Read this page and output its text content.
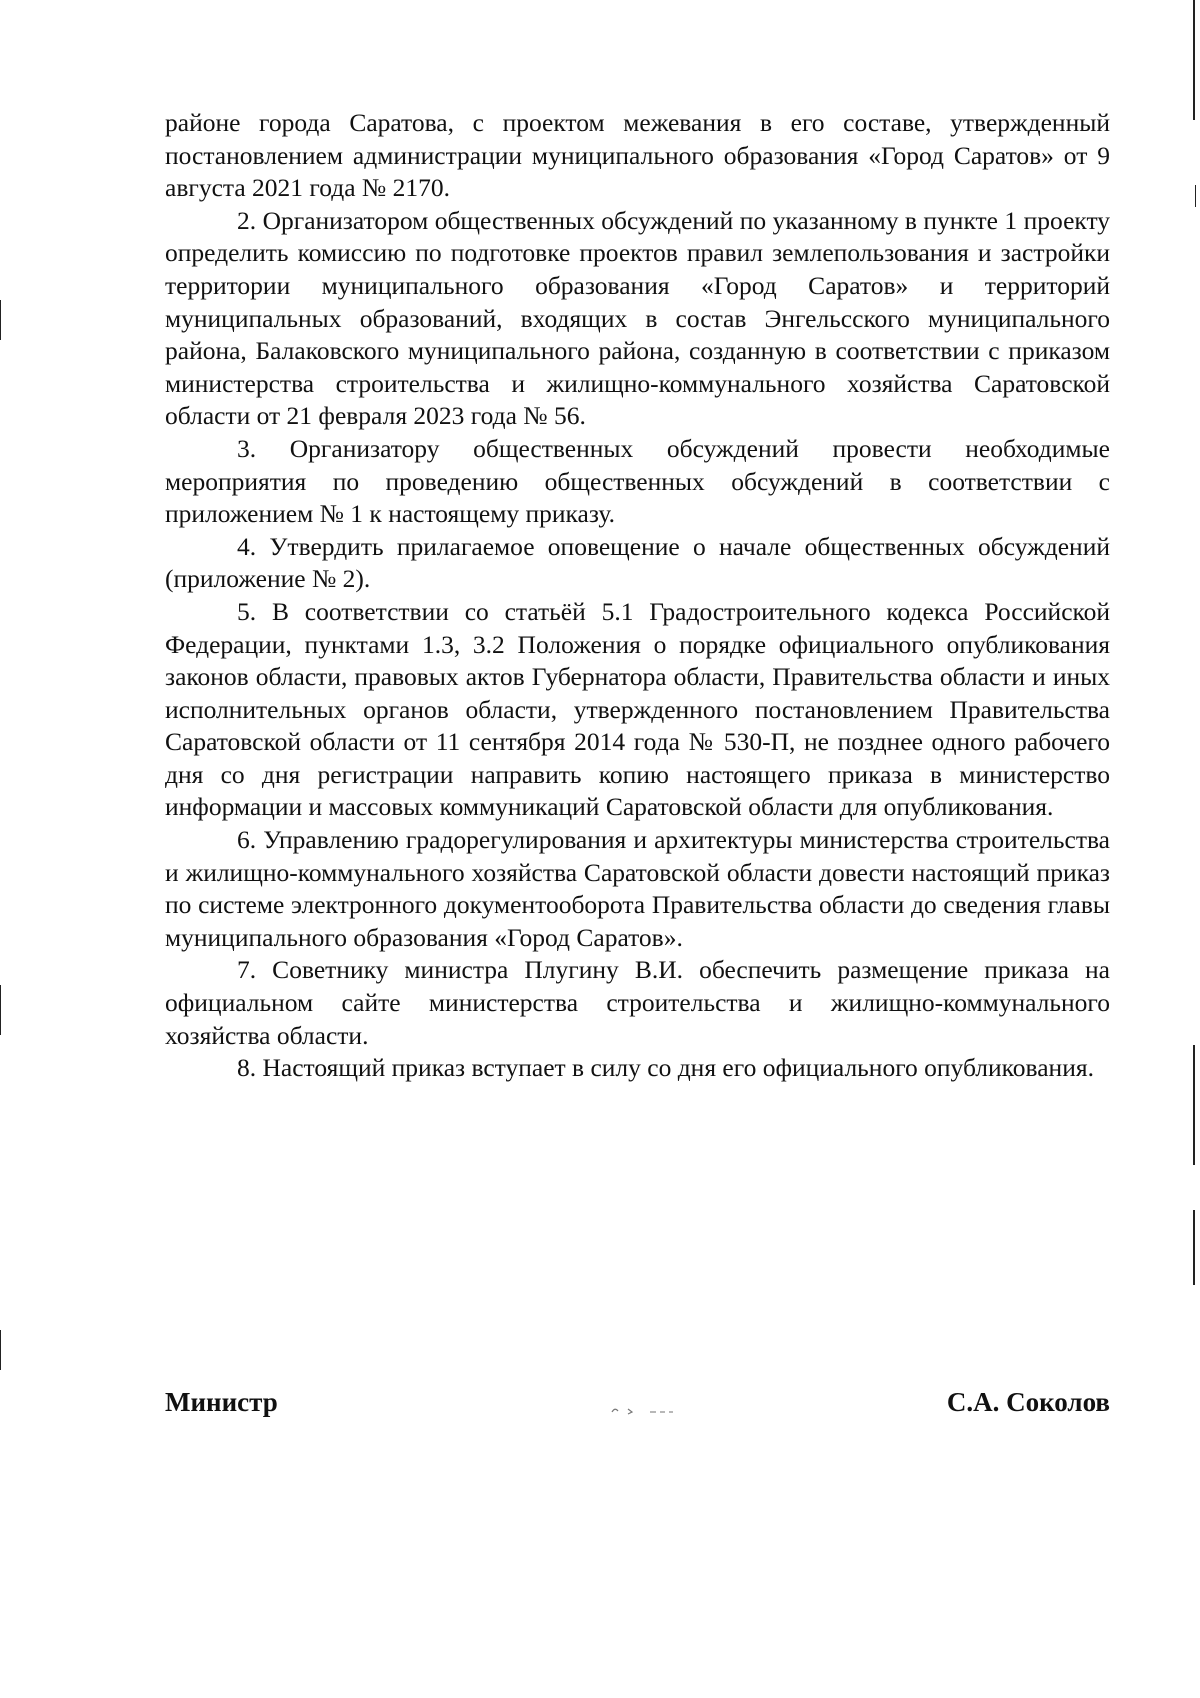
районе города Саратова, с проектом межевания в его составе, утвержденный постановлением администрации муниципального образования «Город Саратов» от 9 августа 2021 года № 2170.

2. Организатором общественных обсуждений по указанному в пункте 1 проекту определить комиссию по подготовке проектов правил землепользования и застройки территории муниципального образования «Город Саратов» и территорий муниципальных образований, входящих в состав Энгельсского муниципального района, Балаковского муниципального района, созданную в соответствии с приказом министерства строительства и жилищно-коммунального хозяйства Саратовской области от 21 февраля 2023 года № 56.

3. Организатору общественных обсуждений провести необходимые мероприятия по проведению общественных обсуждений в соответствии с приложением № 1 к настоящему приказу.

4. Утвердить прилагаемое оповещение о начале общественных обсуждений (приложение № 2).

5. В соответствии со статьёй 5.1 Градостроительного кодекса Российской Федерации, пунктами 1.3, 3.2 Положения о порядке официального опубликования законов области, правовых актов Губернатора области, Правительства области и иных исполнительных органов области, утвержденного постановлением Правительства Саратовской области от 11 сентября 2014 года № 530-П, не позднее одного рабочего дня со дня регистрации направить копию настоящего приказа в министерство информации и массовых коммуникаций Саратовской области для опубликования.

6. Управлению градорегулирования и архитектуры министерства строительства и жилищно-коммунального хозяйства Саратовской области довести настоящий приказ по системе электронного документооборота Правительства области до сведения главы муниципального образования «Город Саратов».

7. Советнику министра Плугину В.И. обеспечить размещение приказа на официальном сайте министерства строительства и жилищно-коммунального хозяйства области.

8. Настоящий приказ вступает в силу со дня его официального опубликования.

Министр	С.А. Соколов
